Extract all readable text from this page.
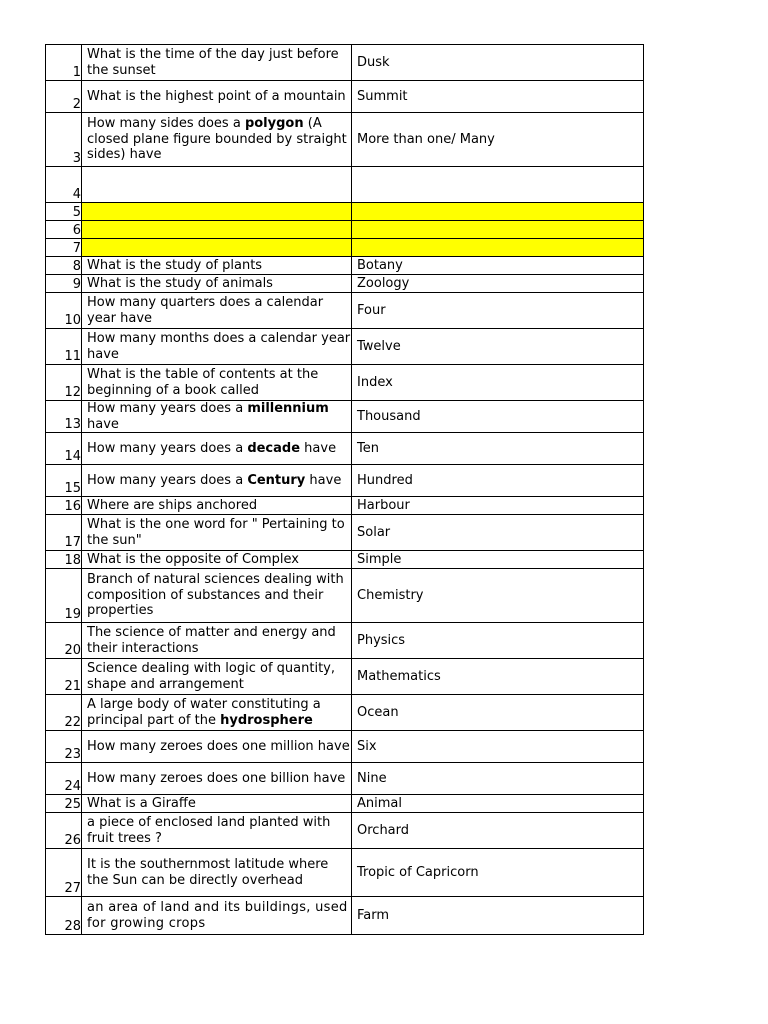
1	What is the time of the day just before the sunset	Dusk
2	What is the highest point of a mountain	Summit
3	How many sides does a polygon (A closed plane figure bounded by straight sides) have	More than one/ Many
4		
5		
6		
7		
8	What is the study of plants	Botany
9	What is the study of animals	Zoology
10	How many quarters does a calendar year have	Four
11	How many months does a calendar year have	Twelve
12	What is the table of contents at the beginning of a book called	Index
13	How many years does a millennium have	Thousand
14	How many years does a decade have	Ten
15	How many years does a Century have	Hundred
16	Where are ships anchored	Harbour
17	What is the one word for " Pertaining to the sun"	Solar
18	What is the opposite of Complex	Simple
19	Branch of natural sciences dealing with composition of substances and their properties	Chemistry
20	The science of matter and energy and their interactions	Physics
21	Science dealing with logic of quantity, shape and arrangement	Mathematics
22	A large body of water constituting a principal part of the hydrosphere	Ocean
23	How many zeroes does one million have	Six
24	How many zeroes does one billion have	Nine
25	What is a Giraffe	Animal
26	a piece of enclosed land planted with fruit trees ?	Orchard
27	It is the southernmost latitude where the Sun can be directly overhead	Tropic of Capricorn
28	an area of land and its buildings, used for growing crops	Farm
